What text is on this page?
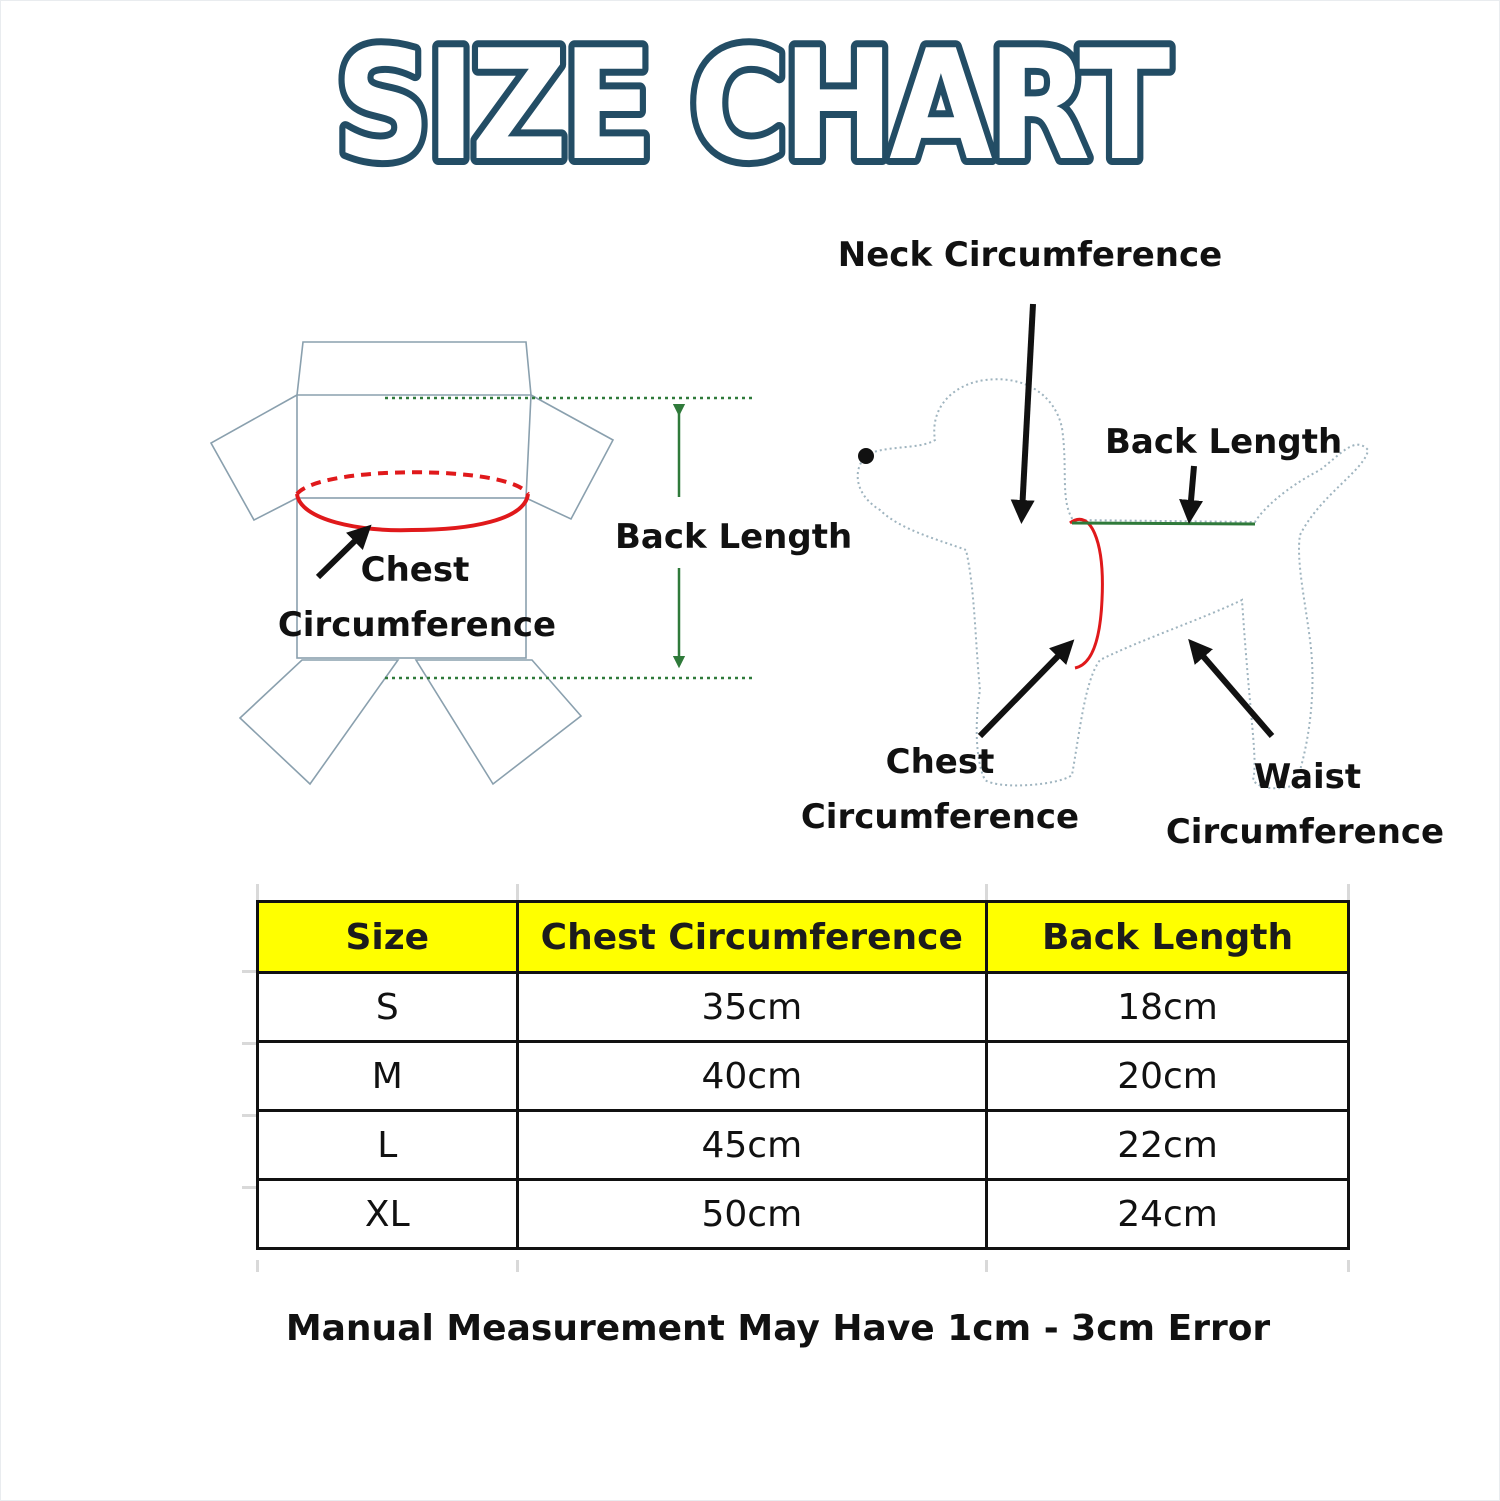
SIZE CHART
Chest
Circumference
Back Length
Neck Circumference
Back Length
Chest
Circumference
Waist
Circumference
Size	Chest Circumference	Back Length
S	35cm	18cm
M	40cm	20cm
L	45cm	22cm
XL	50cm	24cm
Manual Measurement May Have 1cm - 3cm Error
